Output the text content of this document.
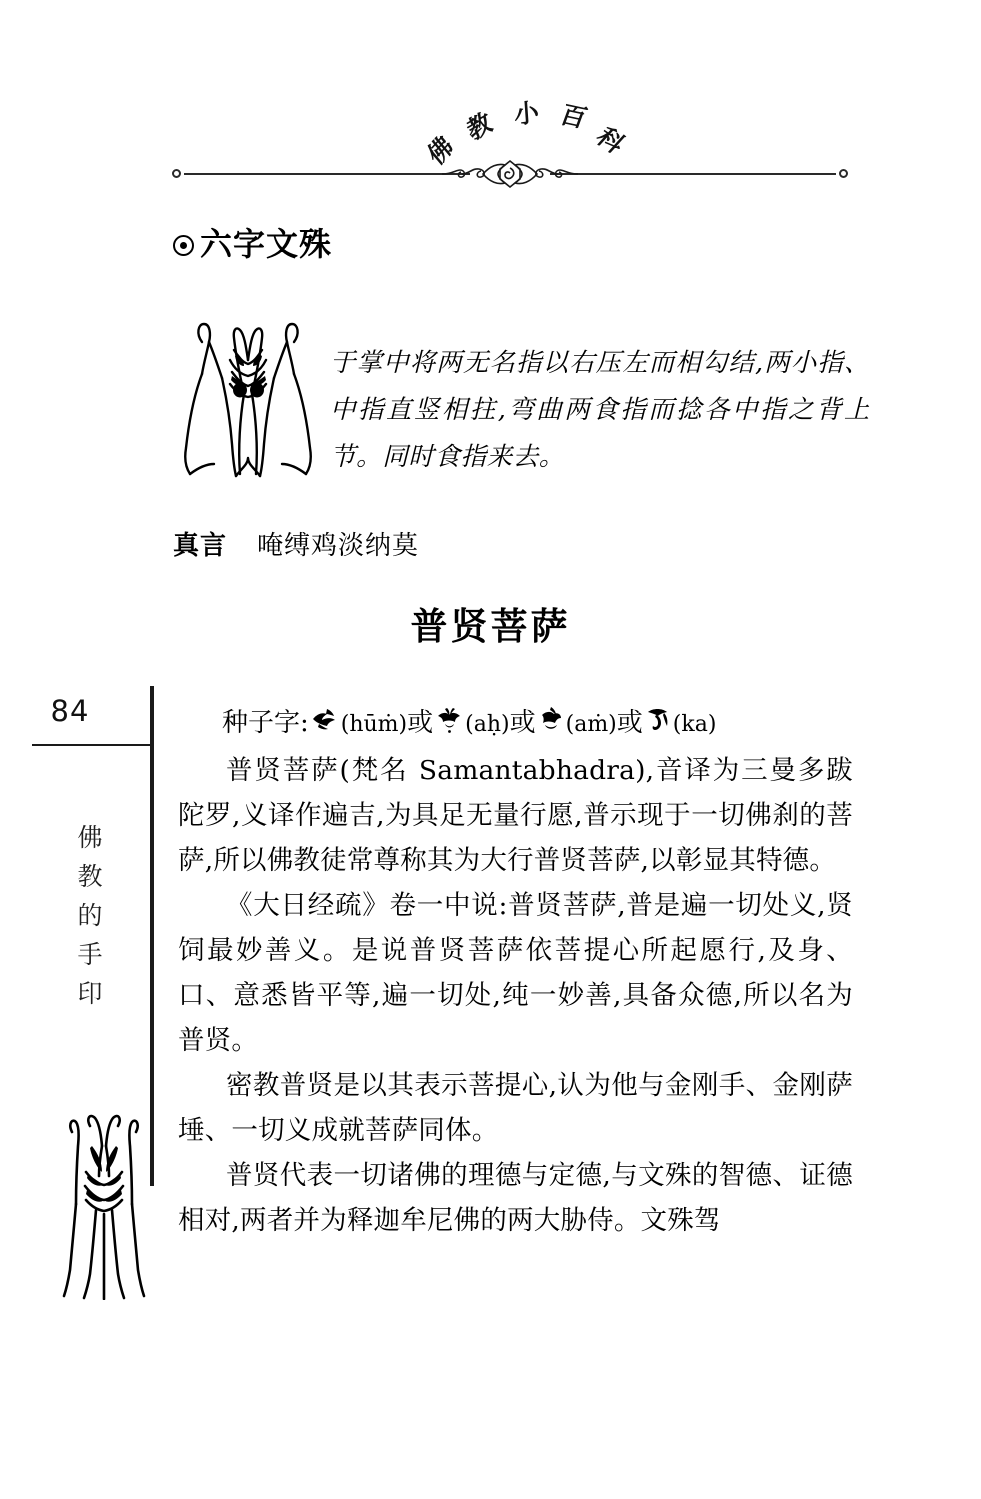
佛
教 小 百
科
六字文殊
于掌中将两无名指以右压左而相勾结,两小指、中指直竖相拄,弯曲两食指而捻各中指之背上节。同时食指来去。
真言 唵缚鸡淡纳莫
普贤菩萨
84
佛教的手印
种子字: (hūṁ)或 (aḥ)或 (aṁ)或 (ka)

普贤菩萨(梵名 Samantabhadra),音译为三曼多跋陀罗,义译作遍吉,为具足无量行愿,普示现于一切佛刹的菩萨,所以佛教徒常尊称其为大行普贤菩萨,以彰显其特德。

《大日经疏》卷一中说:普贤菩萨,普是遍一切处义,贤饲最妙善义。是说普贤菩萨依菩提心所起愿行,及身、口、意悉皆平等,遍一切处,纯一妙善,具备众德,所以名为普贤。

密教普贤是以其表示菩提心,认为他与金刚手、金刚萨埵、一切义成就菩萨同体。

普贤代表一切诸佛的理德与定德,与文殊的智德、证德相对,两者并为释迦牟尼佛的两大胁侍。文殊驾
